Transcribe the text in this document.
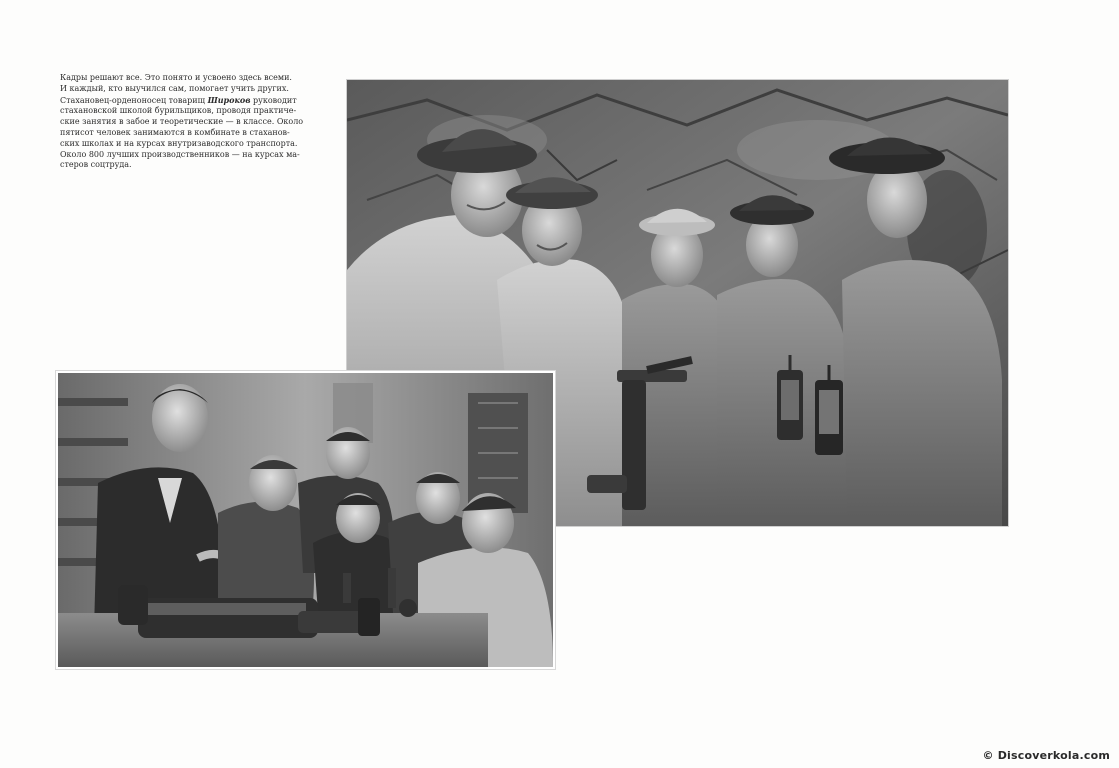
Кадры решают все. Это понято и усвоено здесь всеми.
И каждый, кто выучился сам, помогает учить других.
Стахановец-орденоносец товарищ Широков руководит
стахановской школой бурильщиков, проводя практиче-
ские занятия в забое и теоретические — в классе. Около
пятисот человек занимаются в комбинате в стаханов-
ских школах и на курсах внутризаводского транспорта.
Около 800 лучших производственников — на курсах ма-
стеров соцтруда.
© Discoverkola.com
